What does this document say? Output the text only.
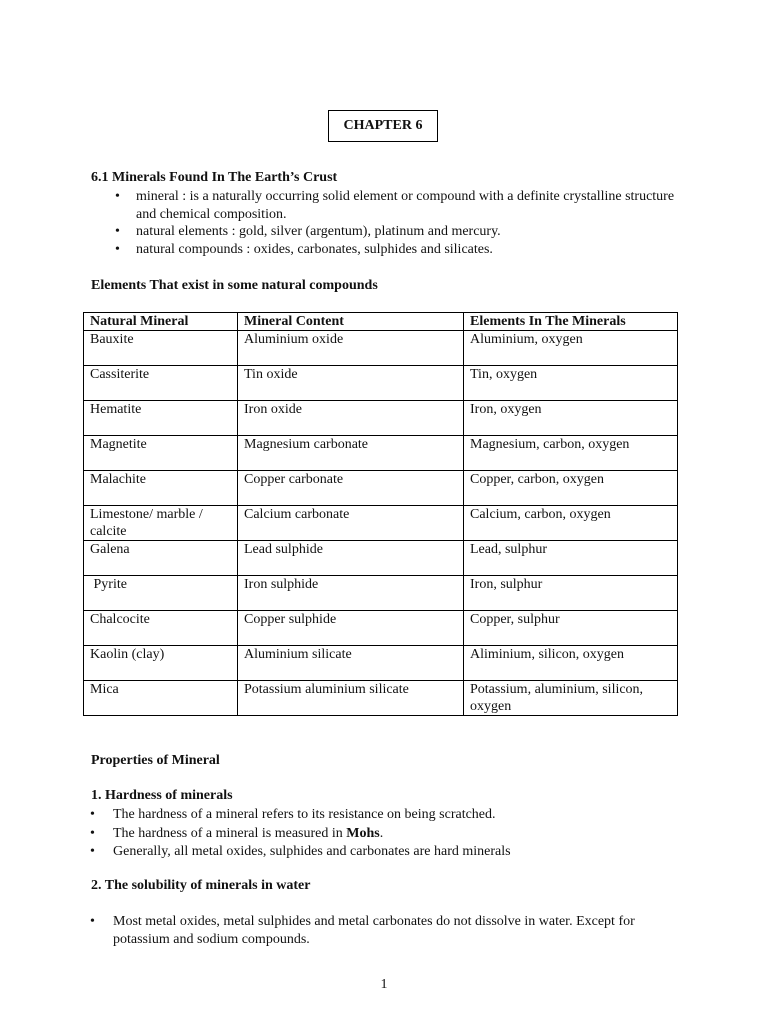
CHAPTER 6
6.1 Minerals Found In The Earth’s Crust
• mineral : is a naturally occurring solid element or compound with a definite crystalline structure and chemical composition.
• natural elements : gold, silver (argentum), platinum and mercury.
• natural compounds : oxides, carbonates, sulphides and silicates.
Elements That exist in some natural compounds
Natural Mineral	Mineral Content	Elements In The Minerals
Bauxite	Aluminium oxide	Aluminium, oxygen
Cassiterite	Tin oxide	Tin, oxygen
Hematite	Iron oxide	Iron, oxygen
Magnetite	Magnesium carbonate	Magnesium, carbon, oxygen
Malachite	Copper carbonate	Copper, carbon, oxygen
Limestone/ marble / calcite	Calcium carbonate	Calcium, carbon, oxygen
Galena	Lead sulphide	Lead, sulphur
Pyrite	Iron sulphide	Iron, sulphur
Chalcocite	Copper sulphide	Copper, sulphur
Kaolin (clay)	Aluminium silicate	Aliminium, silicon, oxygen
Mica	Potassium aluminium silicate	Potassium, aluminium, silicon, oxygen
Properties of Mineral
1. Hardness of minerals
• The hardness of a mineral refers to its resistance on being scratched.
• The hardness of a mineral is measured in Mohs.
• Generally, all metal oxides, sulphides and carbonates are hard minerals
2. The solubility of minerals in water
• Most metal oxides, metal sulphides and metal carbonates do not dissolve in water. Except for potassium and sodium compounds.
1
